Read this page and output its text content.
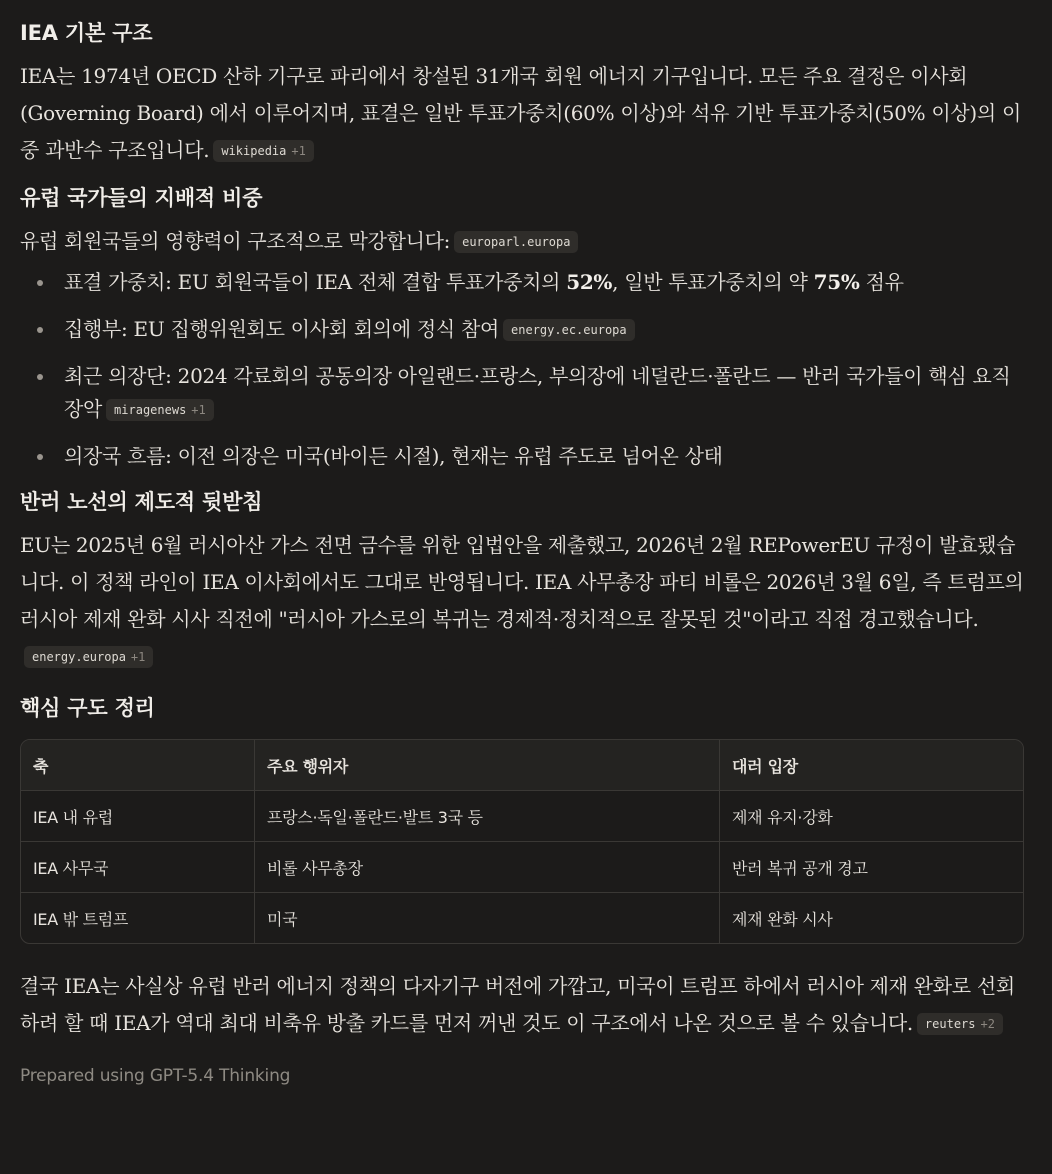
IEA 기본 구조

IEA는 1974년 OECD 산하 기구로 파리에서 창설된 31개국 회원 에너지 기구입니다. 모든 주요 결정은 이사회(Governing Board) 에서 이루어지며, 표결은 일반 투표가중치(60% 이상)와 석유 기반 투표가중치(50% 이상)의 이중 과반수 구조입니다. wikipedia +1

유럽 국가들의 지배적 비중

유럽 회원국들의 영향력이 구조적으로 막강합니다: europarl.europa

표결 가중치: EU 회원국들이 IEA 전체 결합 투표가중치의 52%, 일반 투표가중치의 약 75% 점유
집행부: EU 집행위원회도 이사회 회의에 정식 참여 energy.ec.europa
최근 의장단: 2024 각료회의 공동의장 아일랜드·프랑스, 부의장에 네덜란드·폴란드 — 반러 국가들이 핵심 요직 장악 miragenews +1
의장국 흐름: 이전 의장은 미국(바이든 시절), 현재는 유럽 주도로 넘어온 상태
반러 노선의 제도적 뒷받침

EU는 2025년 6월 러시아산 가스 전면 금수를 위한 입법안을 제출했고, 2026년 2월 REPowerEU 규정이 발효됐습니다. 이 정책 라인이 IEA 이사회에서도 그대로 반영됩니다. IEA 사무총장 파티 비롤은 2026년 3월 6일, 즉 트럼프의 러시아 제재 완화 시사 직전에 "러시아 가스로의 복귀는 경제적·정치적으로 잘못된 것"이라고 직접 경고했습니다.energy.europa +1

핵심 구도 정리
축	주요 행위자	대러 입장
IEA 내 유럽	프랑스·독일·폴란드·발트 3국 등	제재 유지·강화
IEA 사무국	비롤 사무총장	반러 복귀 공개 경고
IEA 밖 트럼프	미국	제재 완화 시사

결국 IEA는 사실상 유럽 반러 에너지 정책의 다자기구 버전에 가깝고, 미국이 트럼프 하에서 러시아 제재 완화로 선회하려 할 때 IEA가 역대 최대 비축유 방출 카드를 먼저 꺼낸 것도 이 구조에서 나온 것으로 볼 수 있습니다. reuters +2

Prepared using GPT-5.4 Thinking
